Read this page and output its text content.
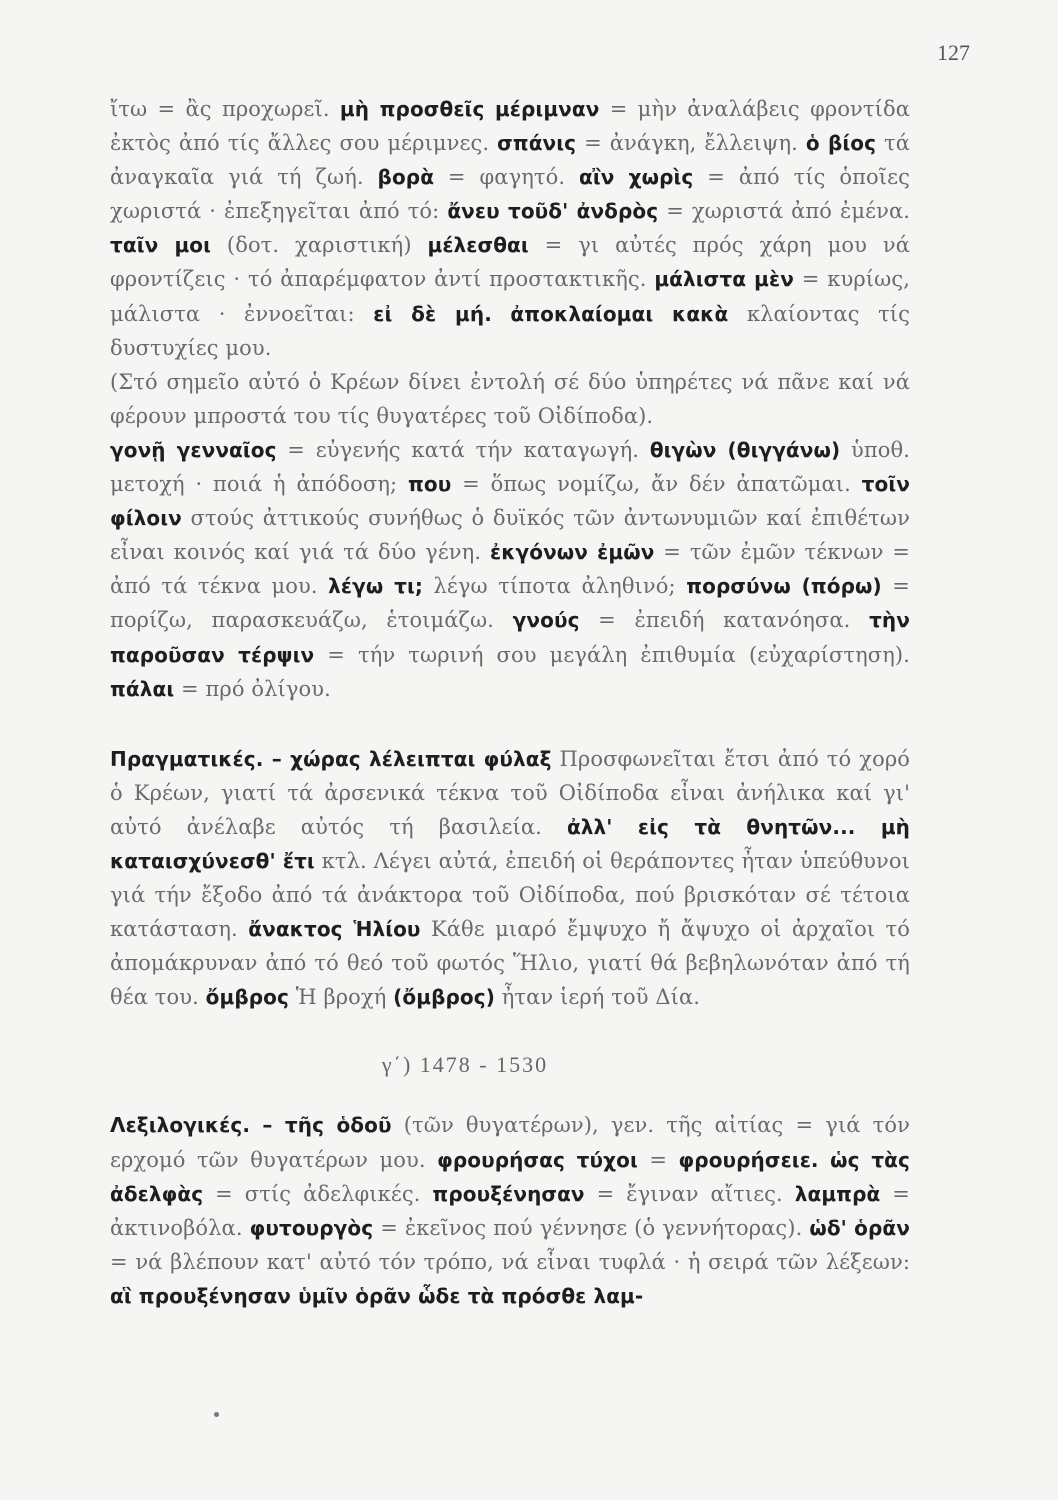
127

ἴτω = ἂς προχωρεῖ. μὴ προσθεῖς μέριμναν = μὴν ἀναλάβεις φροντίδα ἐκτὸς ἀπό τίς ἄλλες σου μέριμνες. σπάνις = ἀνάγκη, ἔλλειψη. ὁ βίος τά ἀναγκαῖα γιά τή ζωή. βορὰ = φαγητό. αἲν χωρὶς = ἀπό τίς ὁποῖες χωριστά · ἐπεξηγεῖται ἀπό τό: ἄνευ τοῦδ' ἀνδρὸς = χωριστά ἀπό ἐμένα. ταῖν μοι (δοτ. χαριστική) μέλεσθαι = γι αὐτές πρός χάρη μου νά φροντίζεις · τό ἀπαρέμφατον ἀντί προστακτικῆς. μάλιστα μὲν = κυρίως, μάλιστα · ἐννοεῖται: εἰ δὲ μή. ἀποκλαίομαι κακὰ κλαίοντας τίς δυστυχίες μου.

(Στό σημεῖο αὐτό ὁ Κρέων δίνει ἐντολή σέ δύο ὑπηρέτες νά πᾶνε καί νά φέρουν μπροστά του τίς θυγατέρες τοῦ Οἰδίποδα).

γονῇ γενναῖος = εὐγενής κατά τήν καταγωγή. θιγὼν (θιγγάνω) ὑποθ. μετοχή · ποιά ἡ ἀπόδοση; που = ὅπως νομίζω, ἄν δέν ἀπατῶμαι. τοῖν φίλοιν στούς ἀττικούς συνήθως ὁ δυϊκός τῶν ἀντωνυμιῶν καί ἐπιθέτων εἶναι κοινός καί γιά τά δύο γένη. ἐκγόνων ἐμῶν = τῶν ἐμῶν τέκνων = ἀπό τά τέκνα μου. λέγω τι; λέγω τίποτα ἀληθινό; πορσύνω (πόρω) = πορίζω, παρασκευάζω, ἑτοιμάζω. γνούς = ἐπειδή κατανόησα. τὴν παροῦσαν τέρψιν = τήν τωρινή σου μεγάλη ἐπιθυμία (εὐχαρίστηση). πάλαι = πρό ὀλίγου.

Πραγματικές. – χώρας λέλειπται φύλαξ Προσφωνεῖται ἔτσι ἀπό τό χορό ὁ Κρέων, γιατί τά ἀρσενικά τέκνα τοῦ Οἰδίποδα εἶναι ἀνήλικα καί γι' αὐτό ἀνέλαβε αὐτός τή βασιλεία. ἀλλ' εἰς τὰ θνητῶν... μὴ καταισχύνεσθ' ἔτι κτλ. Λέγει αὐτά, ἐπειδή οἱ θεράποντες ἦταν ὑπεύθυνοι γιά τήν ἔξοδο ἀπό τά ἀνάκτορα τοῦ Οἰδίποδα, πού βρισκόταν σέ τέτοια κατάσταση. ἄνακτος Ἡλίου Κάθε μιαρό ἔμψυχο ἤ ἄψυχο οἱ ἀρχαῖοι τό ἀπομάκρυναν ἀπό τό θεό τοῦ φωτός Ἥλιο, γιατί θά βεβηλωνόταν ἀπό τή θέα του. ὄμβρος Ἡ βροχή (ὄμβρος) ἦταν ἱερή τοῦ Δία.

γ΄) 1478 - 1530

Λεξιλογικές. – τῆς ὁδοῦ (τῶν θυγατέρων), γεν. τῆς αἰτίας = γιά τόν ερχομό τῶν θυγατέρων μου. φρουρήσας τύχοι = φρουρήσειε. ὡς τὰς ἀδελφὰς = στίς ἀδελφικές. προυξένησαν = ἔγιναν αἴτιες. λαμπρὰ = ἀκτινοβόλα. φυτουργὸς = ἐκεῖνος πού γέννησε (ὁ γεννήτορας). ὡδ' ὁρᾶν = νά βλέπουν κατ' αὐτό τόν τρόπο, νά εἶναι τυφλά · ἡ σειρά τῶν λέξεων: αἳ προυξένησαν ὑμῖν ὁρᾶν ὧδε τὰ πρόσθε λαμ-
